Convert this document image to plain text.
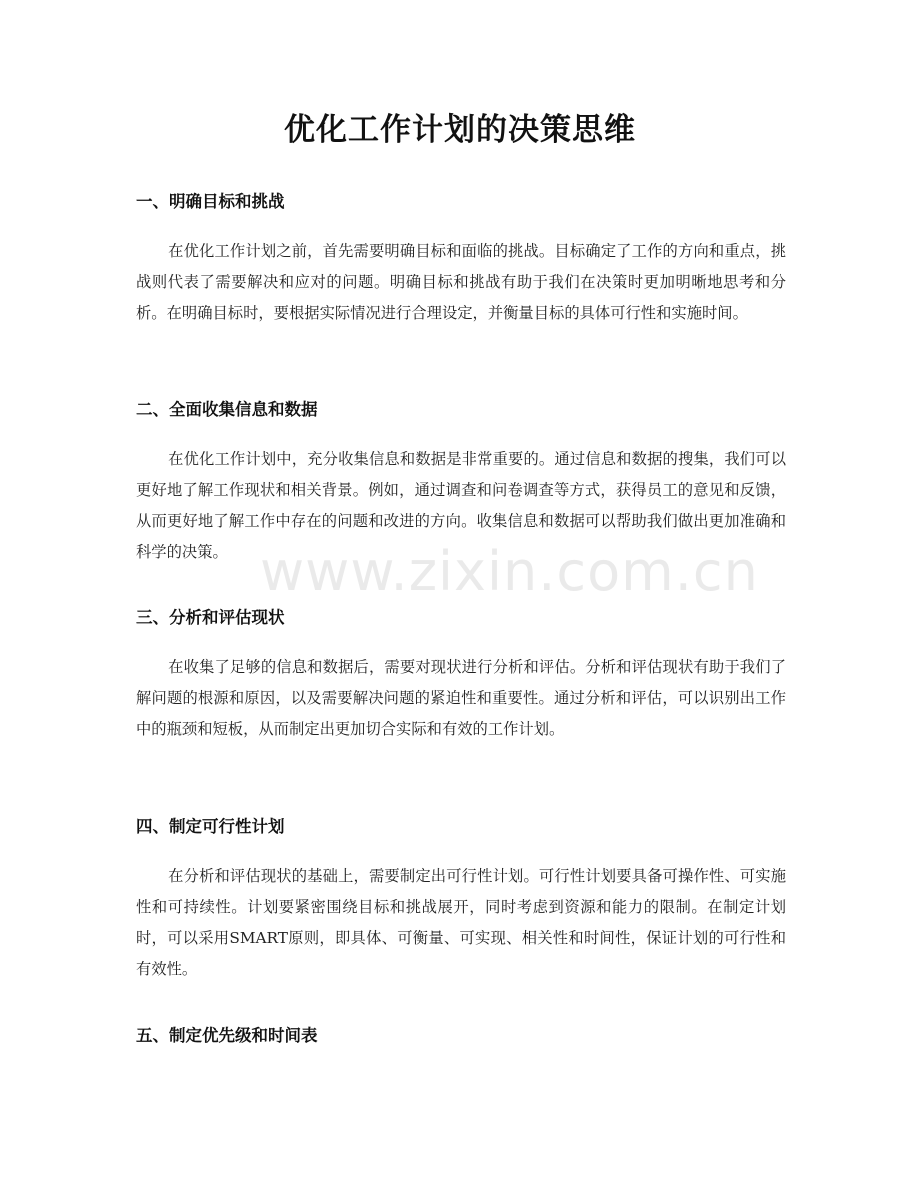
优化工作计划的决策思维
一、明确目标和挑战
在优化工作计划之前，首先需要明确目标和面临的挑战。目标确定了工作的方向和重点，挑战则代表了需要解决和应对的问题。明确目标和挑战有助于我们在决策时更加明晰地思考和分析。在明确目标时，要根据实际情况进行合理设定，并衡量目标的具体可行性和实施时间。
二、全面收集信息和数据
在优化工作计划中，充分收集信息和数据是非常重要的。通过信息和数据的搜集，我们可以更好地了解工作现状和相关背景。例如，通过调查和问卷调查等方式，获得员工的意见和反馈，从而更好地了解工作中存在的问题和改进的方向。收集信息和数据可以帮助我们做出更加准确和科学的决策。
三、分析和评估现状
在收集了足够的信息和数据后，需要对现状进行分析和评估。分析和评估现状有助于我们了解问题的根源和原因，以及需要解决问题的紧迫性和重要性。通过分析和评估，可以识别出工作中的瓶颈和短板，从而制定出更加切合实际和有效的工作计划。
四、制定可行性计划
在分析和评估现状的基础上，需要制定出可行性计划。可行性计划要具备可操作性、可实施性和可持续性。计划要紧密围绕目标和挑战展开，同时考虑到资源和能力的限制。在制定计划时，可以采用SMART原则，即具体、可衡量、可实现、相关性和时间性，保证计划的可行性和有效性。
五、制定优先级和时间表
www.zixin.com.cn
